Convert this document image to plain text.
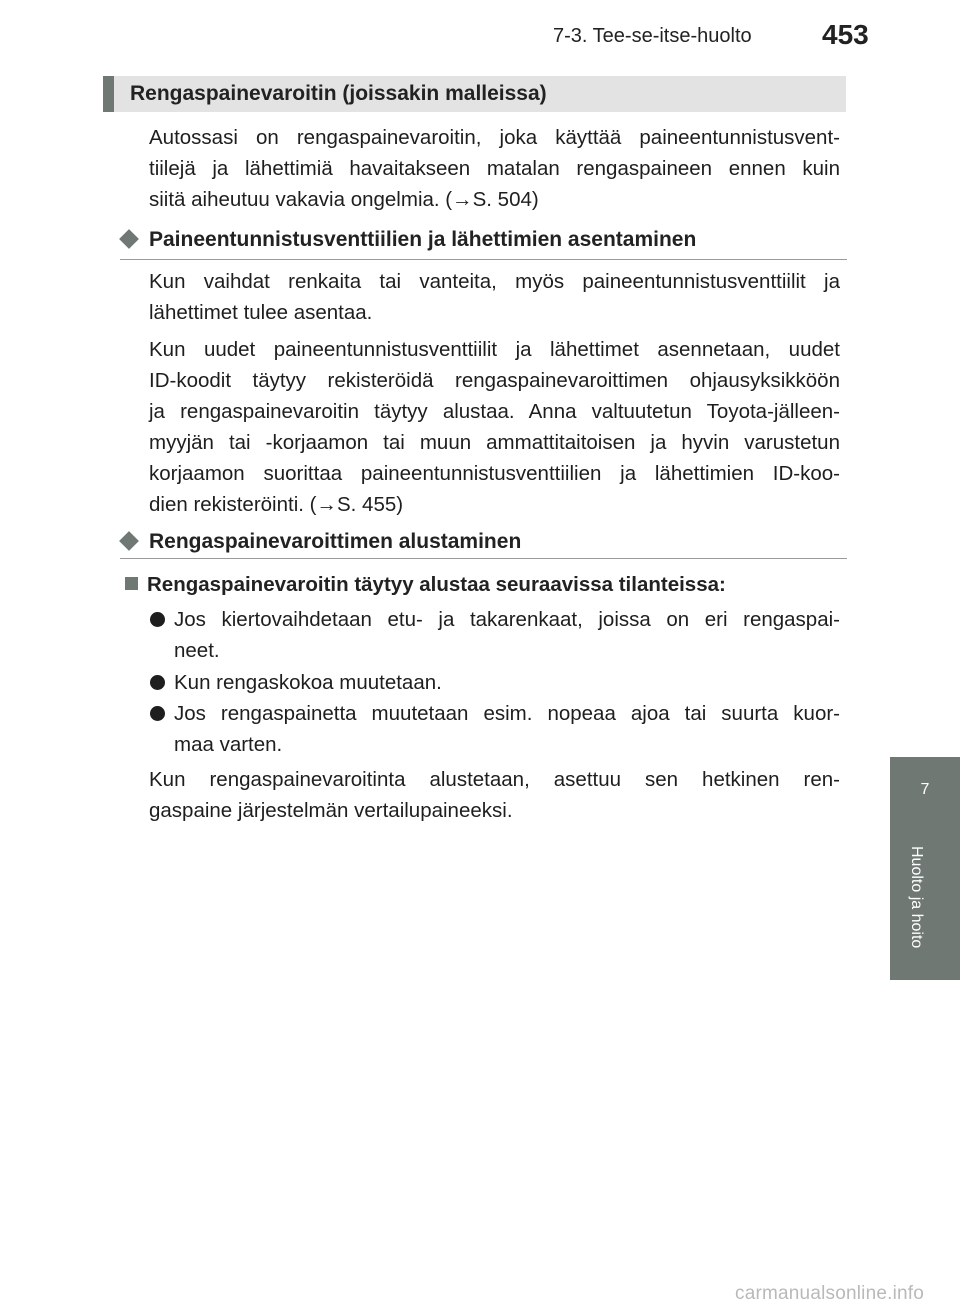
7-3. Tee-se-itse-huolto	453
Rengaspainevaroitin (joissakin malleissa)
Autossasi on rengaspainevaroitin, joka käyttää paineentunnistusvent-
tiilejä ja lähettimiä havaitakseen matalan rengaspaineen ennen kuin
siitä aiheutuu vakavia ongelmia. (→S. 504)
Paineentunnistusventtiilien ja lähettimien asentaminen
Kun vaihdat renkaita tai vanteita, myös paineentunnistusventtiilit ja
lähettimet tulee asentaa.
Kun uudet paineentunnistusventtiilit ja lähettimet asennetaan, uudet
ID-koodit täytyy rekisteröidä rengaspainevaroittimen ohjausyksikköön
ja rengaspainevaroitin täytyy alustaa. Anna valtuutetun Toyota-jälleen-
myyjän tai -korjaamon tai muun ammattitaitoisen ja hyvin varustetun
korjaamon suorittaa paineentunnistusventtiilien ja lähettimien ID-koo-
dien rekisteröinti. (→S. 455)
Rengaspainevaroittimen alustaminen
Rengaspainevaroitin täytyy alustaa seuraavissa tilanteissa:
Jos kiertovaihdetaan etu- ja takarenkaat, joissa on eri rengaspai-
neet.
Kun rengaskokoa muutetaan.
Jos rengaspainetta muutetaan esim. nopeaa ajoa tai suurta kuor-
maa varten.
Kun rengaspainevaroitinta alustetaan, asettuu sen hetkinen ren-
gaspaine järjestelmän vertailupaineeksi.
7
Huolto ja hoito
carmanualsonline.info
